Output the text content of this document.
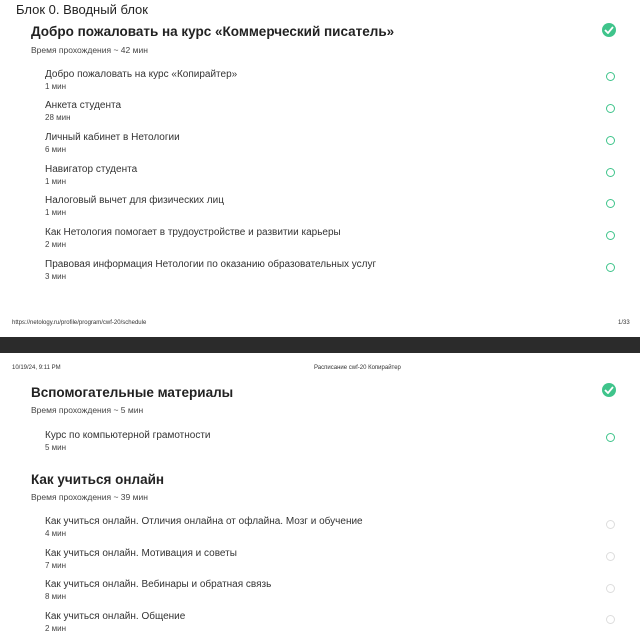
Блок 0. Вводный блок
Добро пожаловать на курс «Коммерческий писатель»
Время прохождения ~ 42 мин
Добро пожаловать на курс «Копирайтер»
1 мин
Анкета студента
28 мин
Личный кабинет в Нетологии
6 мин
Навигатор студента
1 мин
Налоговый вычет для физических лиц
1 мин
Как Нетология помогает в трудоустройстве и развитии карьеры
2 мин
Правовая информация Нетологии по оказанию образовательных услуг
3 мин
https://netology.ru/profile/program/cwf-20/schedule	1/33
10/19/24, 9:11 PM	Расписание cwf-20 Копирайтер
Вспомогательные материалы
Время прохождения ~ 5 мин
Курс по компьютерной грамотности
5 мин
Как учиться онлайн
Время прохождения ~ 39 мин
Как учиться онлайн. Отличия онлайна от офлайна. Мозг и обучение
4 мин
Как учиться онлайн. Мотивация и советы
7 мин
Как учиться онлайн. Вебинары и обратная связь
8 мин
Как учиться онлайн. Общение
2 мин
